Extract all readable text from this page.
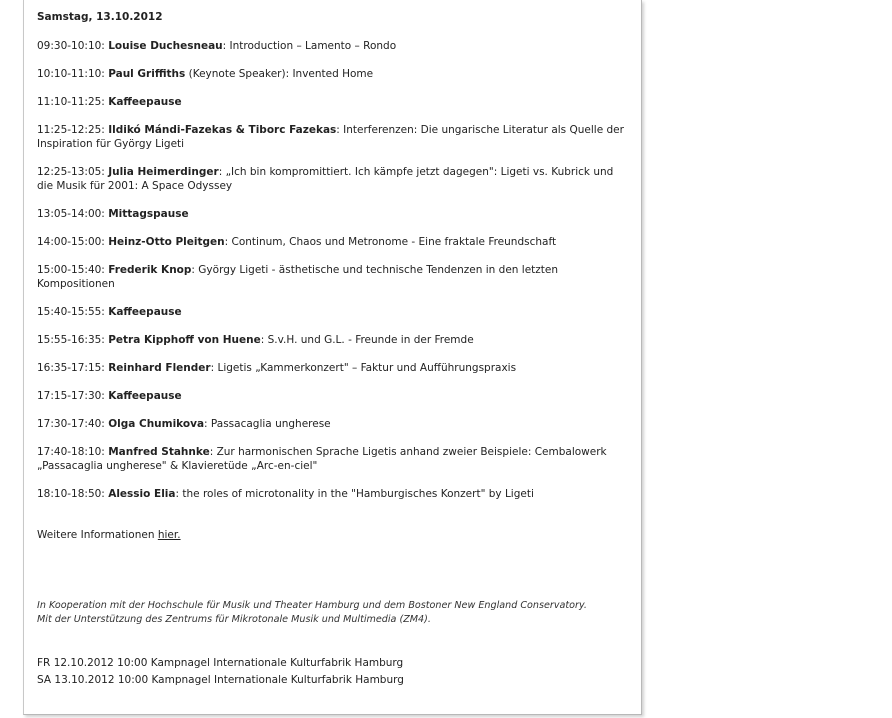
Samstag, 13.10.2012
09:30-10:10: Louise Duchesneau: Introduction – Lamento – Rondo
10:10-11:10: Paul Griffiths (Keynote Speaker): Invented Home
11:10-11:25: Kaffeepause
11:25-12:25: Ildikó Mándi-Fazekas & Tiborc Fazekas: Interferenzen: Die ungarische Literatur als Quelle der Inspiration für György Ligeti
12:25-13:05: Julia Heimerdinger: „Ich bin kompromittiert. Ich kämpfe jetzt dagegen": Ligeti vs. Kubrick und die Musik für 2001: A Space Odyssey
13:05-14:00: Mittagspause
14:00-15:00: Heinz-Otto Pleitgen: Continum, Chaos und Metronome - Eine fraktale Freundschaft
15:00-15:40: Frederik Knop: György Ligeti - ästhetische und technische Tendenzen in den letzten Kompositionen
15:40-15:55: Kaffeepause
15:55-16:35: Petra Kipphoff von Huene: S.v.H. und G.L. - Freunde in der Fremde
16:35-17:15: Reinhard Flender: Ligetis „Kammerkonzert" – Faktur und Aufführungspraxis
17:15-17:30: Kaffeepause
17:30-17:40: Olga Chumikova: Passacaglia ungherese
17:40-18:10: Manfred Stahnke: Zur harmonischen Sprache Ligetis anhand zweier Beispiele: Cembalowerk „Passacaglia ungherese" & Klavieretüde „Arc-en-ciel"
18:10-18:50: Alessio Elia: the roles of microtonality in the "Hamburgisches Konzert" by Ligeti
Weitere Informationen hier.
In Kooperation mit der Hochschule für Musik und Theater Hamburg und dem Bostoner New England Conservatory.
Mit der Unterstützung des Zentrums für Mikrotonale Musik und Multimedia (ZM4).
FR 12.10.2012 10:00 Kampnagel Internationale Kulturfabrik Hamburg
SA 13.10.2012 10:00 Kampnagel Internationale Kulturfabrik Hamburg
